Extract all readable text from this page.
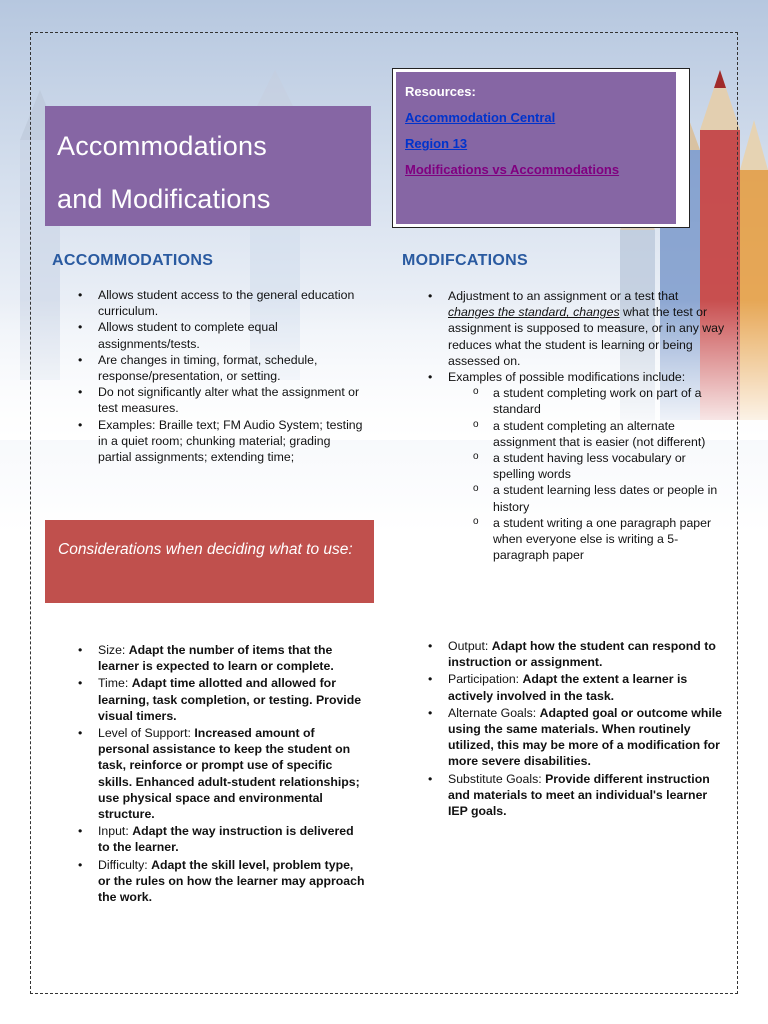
Accommodations
and Modifications
Resources:
Accommodation Central
Region 13
Modifications vs Accommodations
ACCOMMODATIONS	MODIFCATIONS
• Allows student access to the general education curriculum.
• Allows student to complete equal assignments/tests.
• Are changes in timing, format, schedule, response/presentation, or setting.
• Do not significantly alter what the assignment or test measures.
• Examples: Braille text; FM Audio System; testing in a quiet room; chunking material; grading partial assignments; extending time;
• Adjustment to an assignment or a test that changes the standard, changes what the test or assignment is supposed to measure, or in any way reduces what the student is learning or being assessed on.
• Examples of possible modifications include:
o a student completing work on part of a standard
o a student completing an alternate assignment that is easier (not different)
o a student having less vocabulary or spelling words
o a student learning less dates or people in history
o a student writing a one paragraph paper when everyone else is writing a 5-paragraph paper
Considerations when deciding what to use:
• Size: Adapt the number of items that the learner is expected to learn or complete.
• Time: Adapt time allotted and allowed for learning, task completion, or testing. Provide visual timers.
• Level of Support: Increased amount of personal assistance to keep the student on task, reinforce or prompt use of specific skills. Enhanced adult-student relationships; use physical space and environmental structure.
• Input: Adapt the way instruction is delivered to the learner.
• Difficulty: Adapt the skill level, problem type, or the rules on how the learner may approach the work.
• Output: Adapt how the student can respond to instruction or assignment.
• Participation: Adapt the extent a learner is actively involved in the task.
• Alternate Goals: Adapted goal or outcome while using the same materials. When routinely utilized, this may be more of a modification for more severe disabilities.
• Substitute Goals: Provide different instruction and materials to meet an individual's learner IEP goals.
